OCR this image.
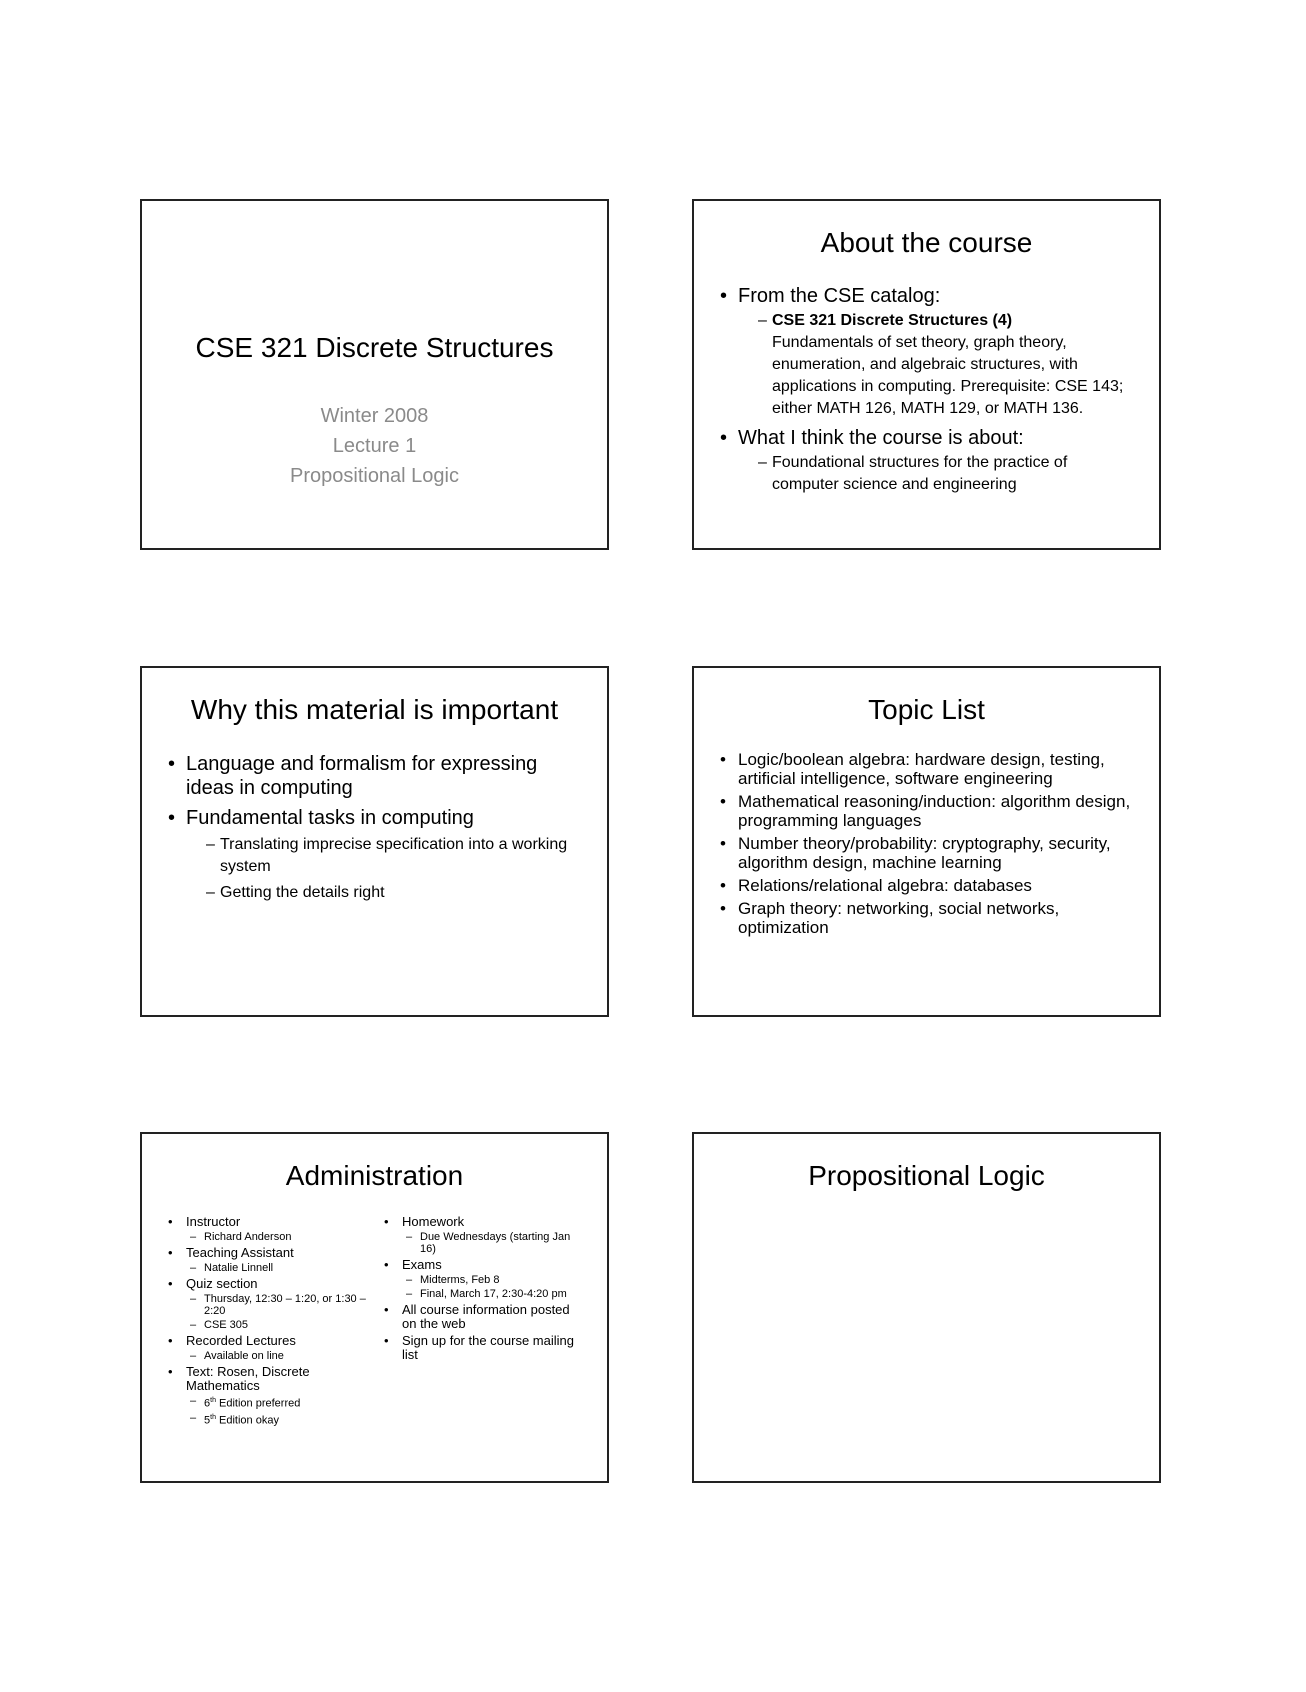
CSE 321 Discrete Structures
Winter 2008
Lecture 1
Propositional Logic
About the course
• From the CSE catalog:
– CSE 321 Discrete Structures (4)
Fundamentals of set theory, graph theory, enumeration, and algebraic structures, with applications in computing. Prerequisite: CSE 143; either MATH 126, MATH 129, or MATH 136.
• What I think the course is about:
– Foundational structures for the practice of computer science and engineering
Why this material is important
• Language and formalism for expressing ideas in computing
• Fundamental tasks in computing
– Translating imprecise specification into a working system
– Getting the details right
Topic List
• Logic/boolean algebra: hardware design, testing, artificial intelligence, software engineering
• Mathematical reasoning/induction: algorithm design, programming languages
• Number theory/probability: cryptography, security, algorithm design, machine learning
• Relations/relational algebra: databases
• Graph theory: networking, social networks, optimization
Administration
• Instructor
– Richard Anderson
• Teaching Assistant
– Natalie Linnell
• Quiz section
– Thursday, 12:30 – 1:20, or 1:30 – 2:20
– CSE 305
• Recorded Lectures
– Available on line
• Text: Rosen, Discrete Mathematics
– 6th Edition preferred
– 5th Edition okay
• Homework
– Due Wednesdays (starting Jan 16)
• Exams
– Midterms, Feb 8
– Final, March 17, 2:30-4:20 pm
• All course information posted on the web
• Sign up for the course mailing list
Propositional Logic
